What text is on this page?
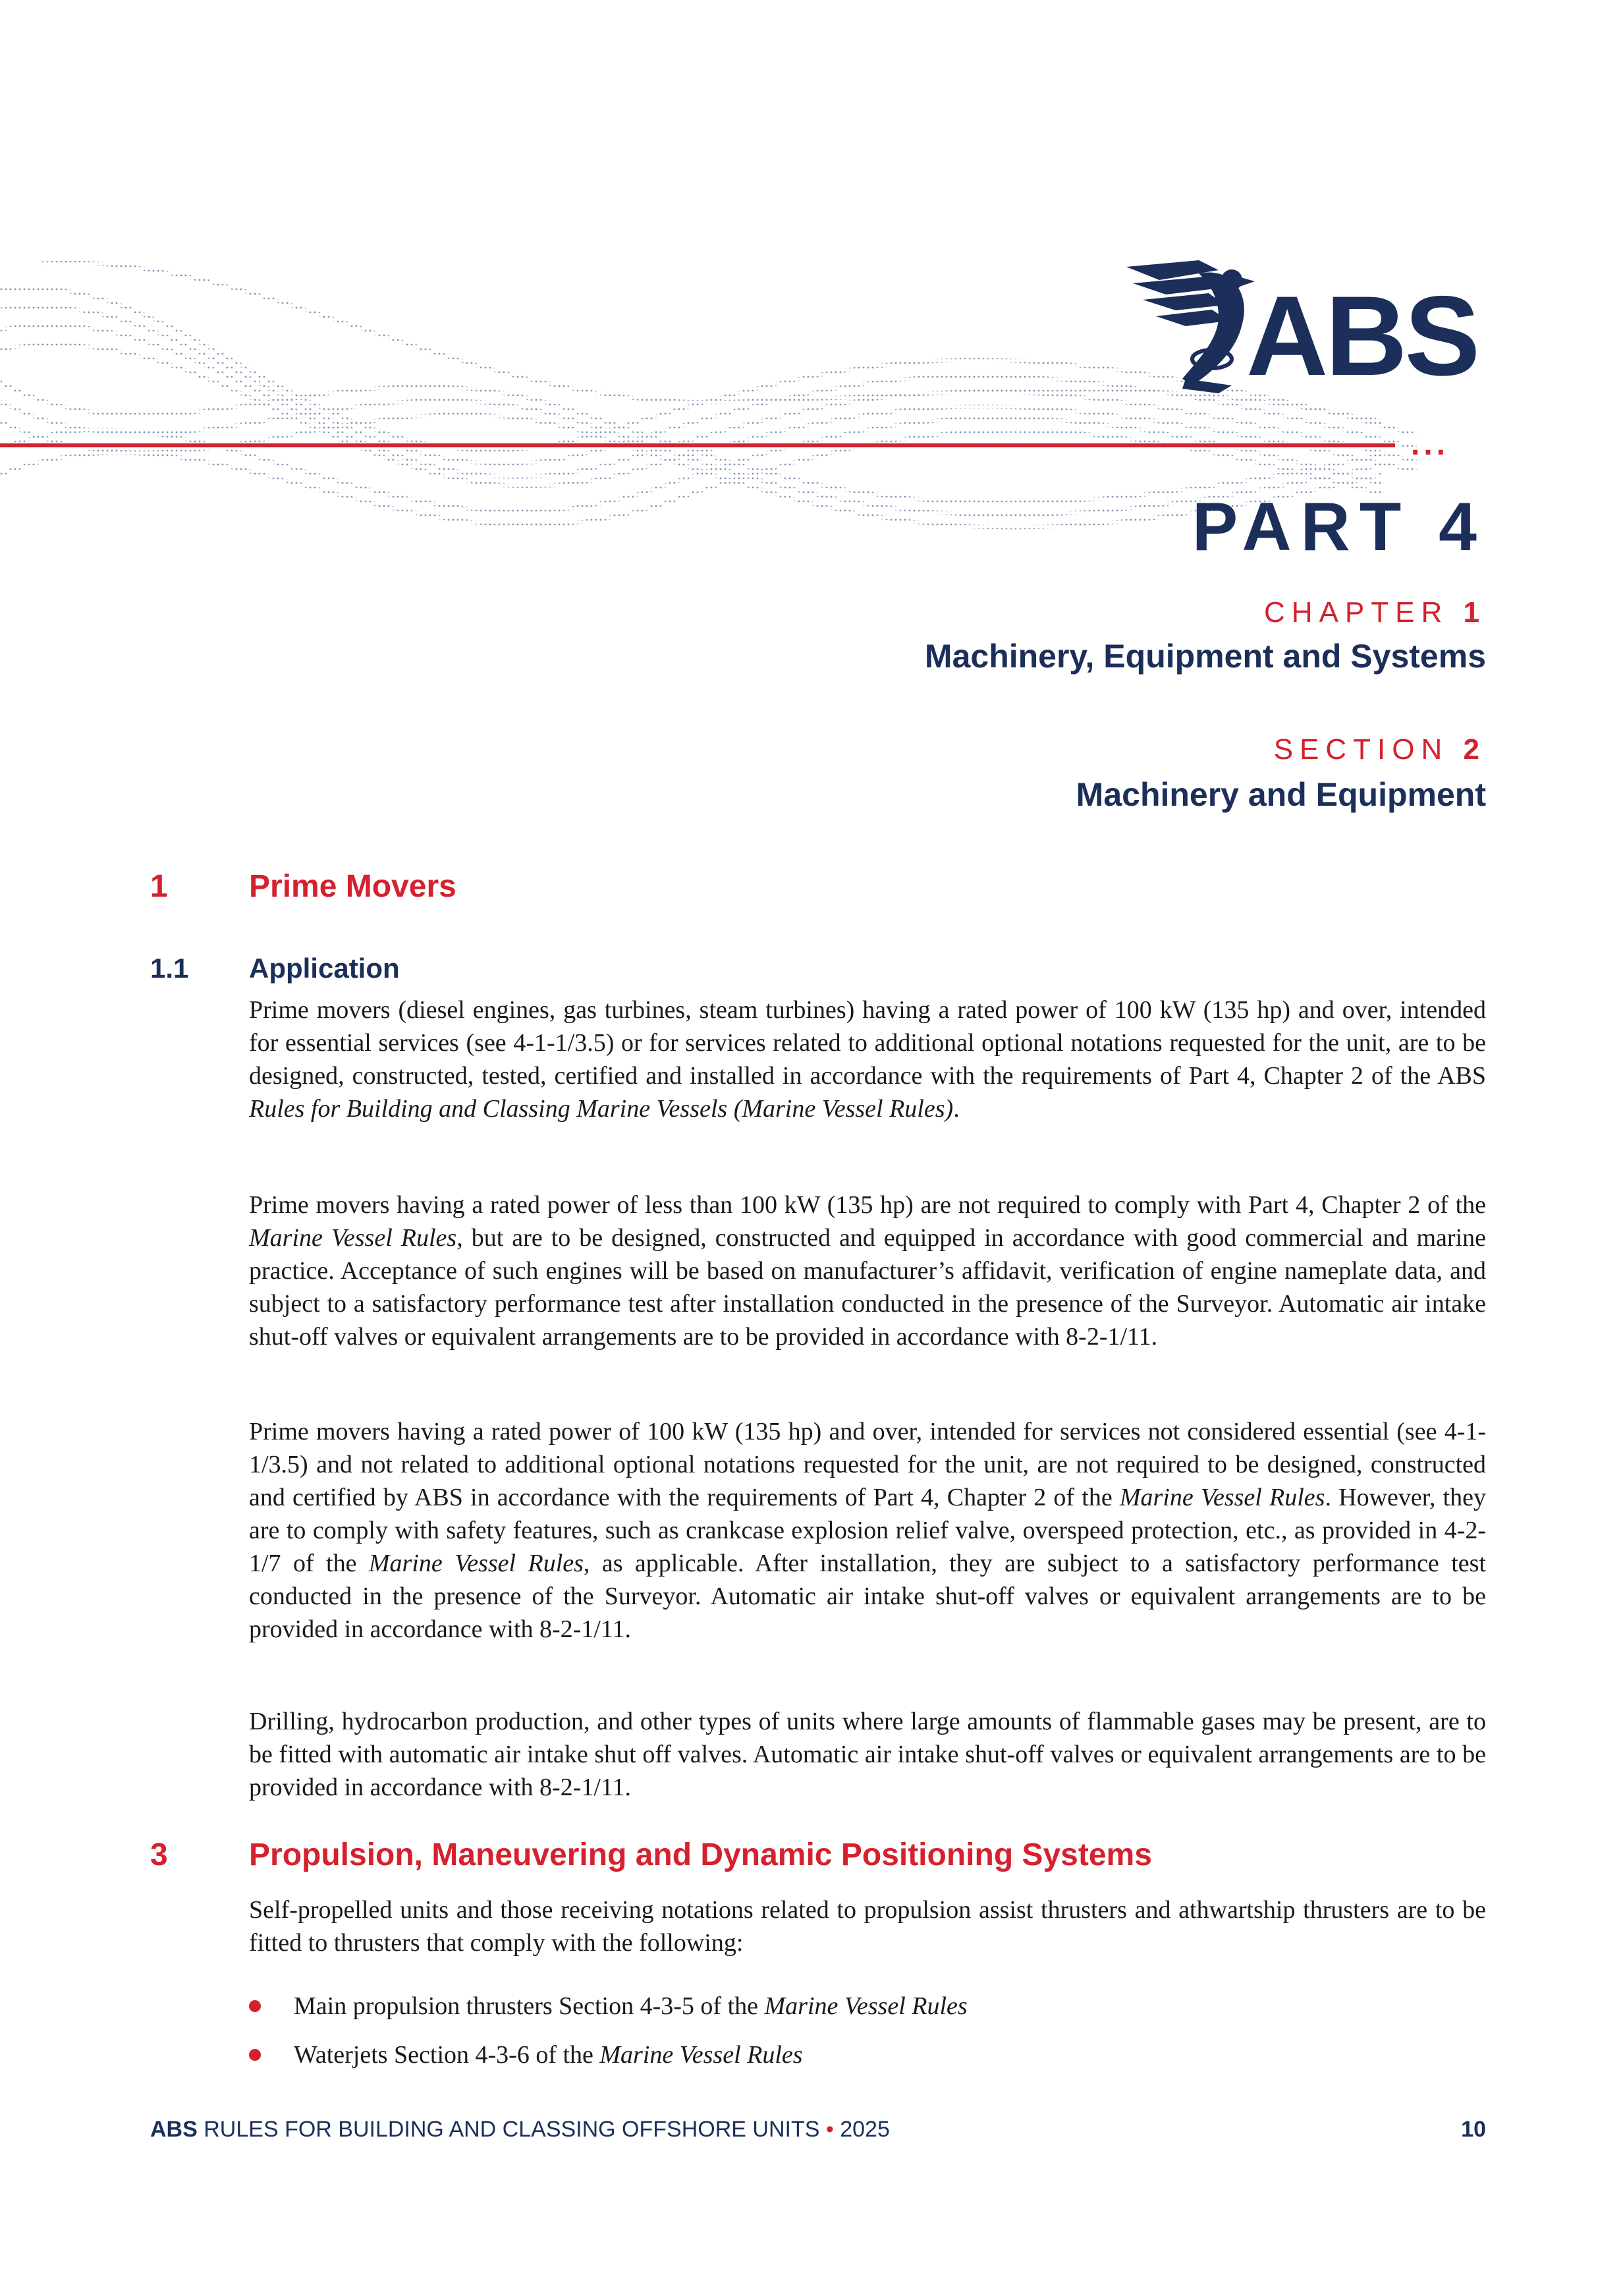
...
ABS
PART 4
CHAPTER 1
Machinery, Equipment and Systems
SECTION 2
Machinery and Equipment
1	Prime Movers
1.1 Application
Prime movers (diesel engines, gas turbines, steam turbines) having a rated power of 100 kW (135 hp) and over, intended for essential services (see 4-1-1/3.5) or for services related to additional optional notations requested for the unit, are to be designed, constructed, tested, certified and installed in accordance with the requirements of Part 4, Chapter 2 of the ABS Rules for Building and Classing Marine Vessels (Marine Vessel Rules).
Prime movers having a rated power of less than 100 kW (135 hp) are not required to comply with Part 4, Chapter 2 of the Marine Vessel Rules, but are to be designed, constructed and equipped in accordance with good commercial and marine practice. Acceptance of such engines will be based on manufacturer’s affidavit, verification of engine nameplate data, and subject to a satisfactory performance test after installation conducted in the presence of the Surveyor. Automatic air intake shut-off valves or equivalent arrangements are to be provided in accordance with 8-2-1/11.
Prime movers having a rated power of 100 kW (135 hp) and over, intended for services not considered essential (see 4-1-1/3.5) and not related to additional optional notations requested for the unit, are not required to be designed, constructed and certified by ABS in accordance with the requirements of Part 4, Chapter 2 of the Marine Vessel Rules. However, they are to comply with safety features, such as crankcase explosion relief valve, overspeed protection, etc., as provided in 4-2-1/7 of the Marine Vessel Rules, as applicable. After installation, they are subject to a satisfactory performance test conducted in the presence of the Surveyor. Automatic air intake shut-off valves or equivalent arrangements are to be provided in accordance with 8-2-1/11.
Drilling, hydrocarbon production, and other types of units where large amounts of flammable gases may be present, are to be fitted with automatic air intake shut off valves. Automatic air intake shut-off valves or equivalent arrangements are to be provided in accordance with 8-2-1/11.
3	Propulsion, Maneuvering and Dynamic Positioning Systems
Self-propelled units and those receiving notations related to propulsion assist thrusters and athwartship thrusters are to be fitted to thrusters that comply with the following:
Main propulsion thrusters Section 4-3-5 of the Marine Vessel Rules
Waterjets Section 4-3-6 of the Marine Vessel Rules
ABS RULES FOR BUILDING AND CLASSING OFFSHORE UNITS • 2025	10
